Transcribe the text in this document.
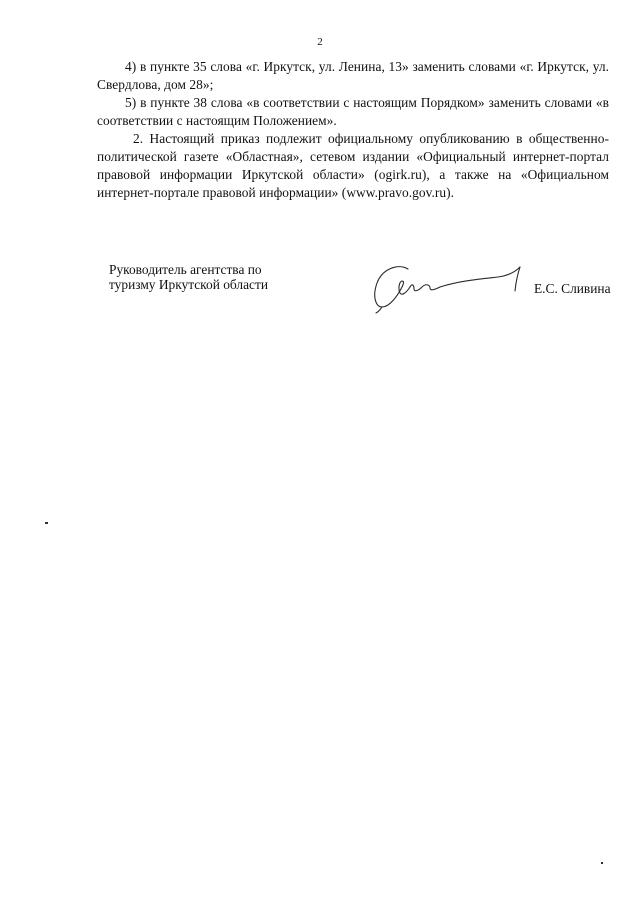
2

4) в пункте 35 слова «г. Иркутск, ул. Ленина, 13» заменить словами «г. Иркутск, ул. Свердлова, дом 28»;

5) в пункте 38 слова «в соответствии с настоящим Порядком» заменить словами «в соответствии с настоящим Положением».

2. Настоящий приказ подлежит официальному опубликованию в общественно-политической газете «Областная», сетевом издании «Официальный интернет-портал правовой информации Иркутской области» (ogirk.ru), а также на «Официальном интернет-портале правовой информации» (www.pravo.gov.ru).

Руководитель агентства по
туризму Иркутской области	Е.С. Сливина
